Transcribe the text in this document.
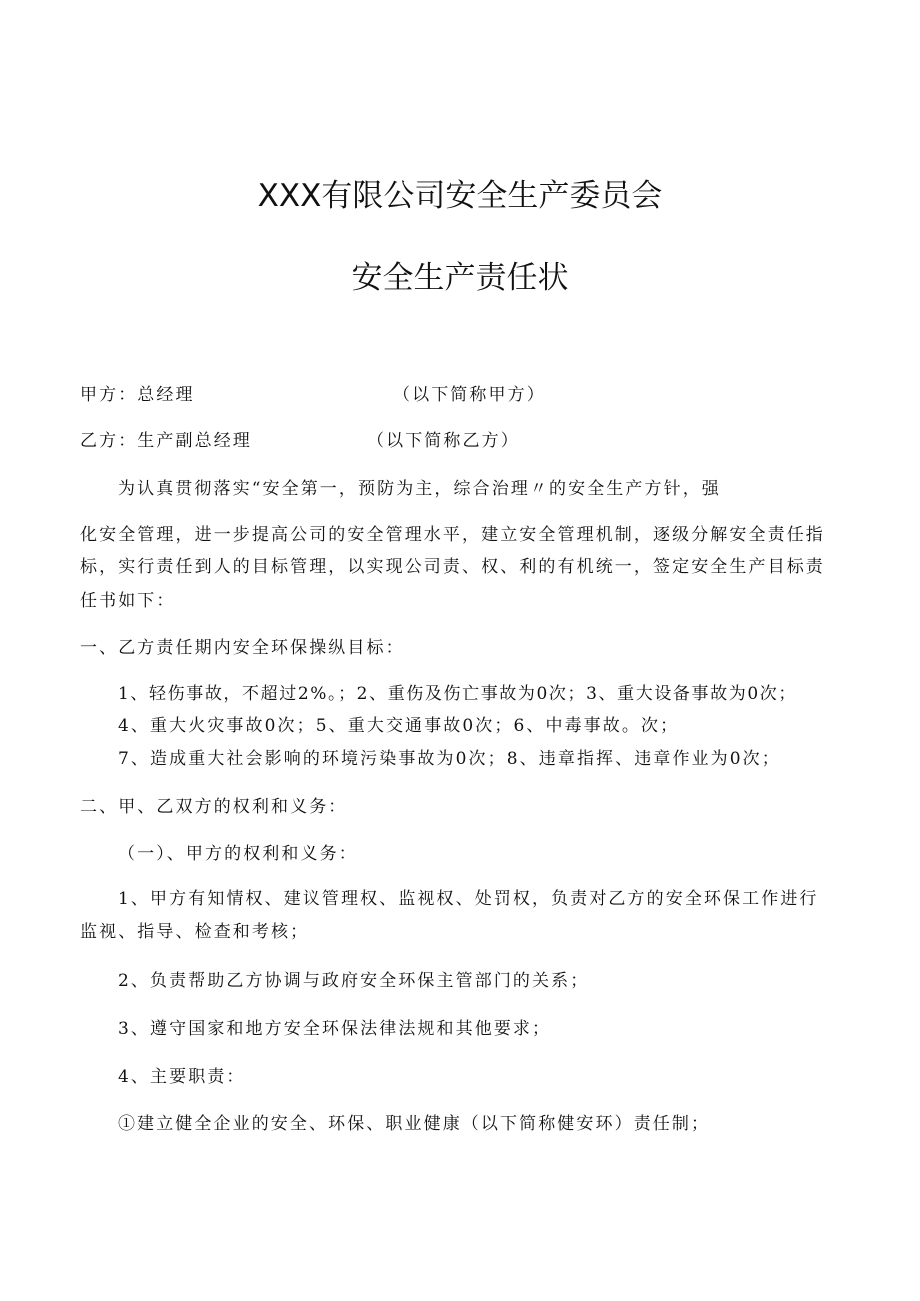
XXX有限公司安全生产委员会
安全生产责任状
甲方：总经理	（以下简称甲方）
乙方：生产副总经理	（以下简称乙方）
为认真贯彻落实“安全第一，预防为主，综合治理〃的安全生产方针，强
化安全管理，进一步提高公司的安全管理水平，建立安全管理机制，逐级分解安全责任指
标，实行责任到人的目标管理，以实现公司责、权、利的有机统一，签定安全生产目标责
任书如下：
一、乙方责任期内安全环保操纵目标：
1、轻伤事故，不超过2%。；2、重伤及伤亡事故为0次；3、重大设备事故为0次；
4、重大火灾事故0次；5、重大交通事故0次；6、中毒事故。次；
7、造成重大社会影响的环境污染事故为0次；8、违章指挥、违章作业为0次；
二、甲、乙双方的权利和义务：
（一）、甲方的权利和义务：
1、甲方有知情权、建议管理权、监视权、处罚权，负责对乙方的安全环保工作进行
监视、指导、检查和考核；
2、负责帮助乙方协调与政府安全环保主管部门的关系；
3、遵守国家和地方安全环保法律法规和其他要求；
4、主要职责：
①建立健全企业的安全、环保、职业健康（以下简称健安环）责任制；
